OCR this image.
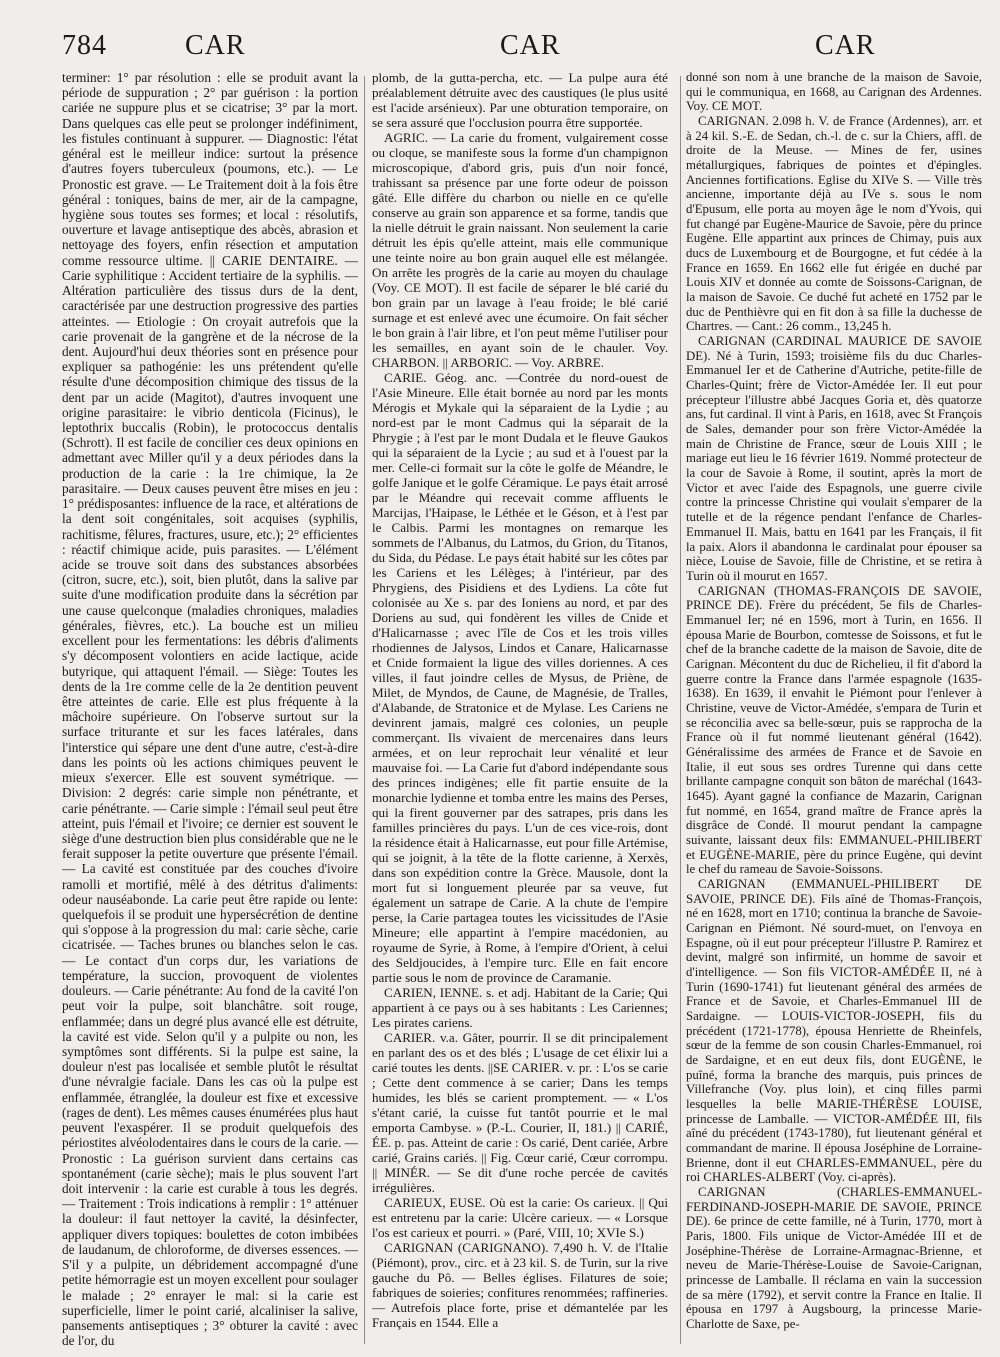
784	CAR	CAR	CAR

terminer: 1° par résolution : elle se produit avant la période de suppuration ; 2° par guérison : la portion cariée ne suppure plus et se cicatrise; 3° par la mort. Dans quelques cas elle peut se prolonger indéfiniment, les fistules continuant à suppurer. — Diagnostic: l'état général est le meilleur indice: surtout la présence d'autres foyers tuberculeux (poumons, etc.). — Le Pronostic est grave. — Le Traitement doit à la fois être général : toniques, bains de mer, air de la campagne, hygiène sous toutes ses formes; et local : résolutifs, ouverture et lavage antiseptique des abcès, abrasion et nettoyage des foyers, enfin résection et amputation comme ressource ultime. || CARIE DENTAIRE. — Carie syphilitique : Accident tertiaire de la syphilis. — Altération particulière des tissus durs de la dent, caractérisée par une destruction progressive des parties atteintes. — Etiologie : On croyait autrefois que la carie provenait de la gangrène et de la nécrose de la dent. Aujourd'hui deux théories sont en présence pour expliquer sa pathogénie: les uns prétendent qu'elle résulte d'une décomposition chimique des tissus de la dent par un acide (Magitot), d'autres invoquent une origine parasitaire: le vibrio denticola (Ficinus), le leptothrix buccalis (Robin), le protococcus dentalis (Schrott). Il est facile de concilier ces deux opinions en admettant avec Miller qu'il y a deux périodes dans la production de la carie : la 1re chimique, la 2e parasitaire. — Deux causes peuvent être mises en jeu : 1° prédisposantes: influence de la race, et altérations de la dent soit congénitales, soit acquises (syphilis, rachitisme, fêlures, fractures, usure, etc.); 2° efficientes : réactif chimique acide, puis parasites. — L'élément acide se trouve soit dans des substances absorbées (citron, sucre, etc.), soit, bien plutôt, dans la salive par suite d'une modification produite dans la sécrétion par une cause quelconque (maladies chroniques, maladies générales, fièvres, etc.). La bouche est un milieu excellent pour les fermentations: les débris d'aliments s'y décomposent volontiers en acide lactique, acide butyrique, qui attaquent l'émail. — Siège: Toutes les dents de la 1re comme celle de la 2e dentition peuvent être atteintes de carie. Elle est plus fréquente à la mâchoire supérieure. On l'observe surtout sur la surface triturante et sur les faces latérales, dans l'interstice qui sépare une dent d'une autre, c'est-à-dire dans les points où les actions chimiques peuvent le mieux s'exercer. Elle est souvent symétrique. — Division: 2 degrés: carie simple non pénétrante, et carie pénétrante. — Carie simple : l'émail seul peut être atteint, puis l'émail et l'ivoire; ce dernier est souvent le siège d'une destruction bien plus considérable que ne le ferait supposer la petite ouverture que présente l'émail. — La cavité est constituée par des couches d'ivoire ramolli et mortifié, mêlé à des détritus d'aliments: odeur nauséabonde. La carie peut être rapide ou lente: quelquefois il se produit une hypersécrétion de dentine qui s'oppose à la progression du mal: carie sèche, carie cicatrisée. — Taches brunes ou blanches selon le cas. — Le contact d'un corps dur, les variations de température, la succion, provoquent de violentes douleurs. — Carie pénétrante: Au fond de la cavité l'on peut voir la pulpe, soit blanchâtre. soit rouge, enflammée; dans un degré plus avancé elle est détruite, la cavité est vide. Selon qu'il y a pulpite ou non, les symptômes sont différents. Si la pulpe est saine, la douleur n'est pas localisée et semble plutôt le résultat d'une névralgie faciale. Dans les cas où la pulpe est enflammée, étranglée, la douleur est fixe et excessive (rages de dent). Les mêmes causes énumérées plus haut peuvent l'exaspérer. Il se produit quelquefois des périostites alvéolodentaires dans le cours de la carie. — Pronostic : La guérison survient dans certains cas spontanément (carie sèche); mais le plus souvent l'art doit intervenir : la carie est curable à tous les degrés. — Traitement : Trois indications à remplir : 1° atténuer la douleur: il faut nettoyer la cavité, la désinfecter, appliquer divers topiques: boulettes de coton imbibées de laudanum, de chloroforme, de diverses essences. — S'il y a pulpite, un débridement accompagné d'une petite hémorragie est un moyen excellent pour soulager le malade ; 2° enrayer le mal: si la carie est superficielle, limer le point carié, alcaliniser la salive, pansements antiseptiques ; 3° obturer la cavité : avec de l'or, du

plomb, de la gutta-percha, etc. — La pulpe aura été préalablement détruite avec des caustiques (le plus usité est l'acide arsénieux). Par une obturation temporaire, on se sera assuré que l'occlusion pourra être supportée.

AGRIC. — La carie du froment, vulgairement cosse ou cloque, se manifeste sous la forme d'un champignon microscopique, d'abord gris, puis d'un noir foncé, trahissant sa présence par une forte odeur de poisson gâté. Elle diffère du charbon ou nielle en ce qu'elle conserve au grain son apparence et sa forme, tandis que la nielle détruit le grain naissant. Non seulement la carie détruit les épis qu'elle atteint, mais elle communique une teinte noire au bon grain auquel elle est mélangée. On arrête les progrès de la carie au moyen du chaulage (Voy. CE MOT). Il est facile de séparer le blé carié du bon grain par un lavage à l'eau froide; le blé carié surnage et est enlevé avec une écumoire. On fait sécher le bon grain à l'air libre, et l'on peut même l'utiliser pour les semailles, en ayant soin de le chauler. Voy. CHARBON. || ARBORIC. — Voy. ARBRE.

CARIE. Géog. anc. —Contrée du nord-ouest de l'Asie Mineure. Elle était bornée au nord par les monts Mérogis et Mykale qui la séparaient de la Lydie ; au nord-est par le mont Cadmus qui la séparait de la Phrygie ; à l'est par le mont Dudala et le fleuve Gaukos qui la séparaient de la Lycie ; au sud et à l'ouest par la mer. Celle-ci formait sur la côte le golfe de Méandre, le golfe Janique et le golfe Céramique. Le pays était arrosé par le Méandre qui recevait comme affluents le Marcijas, l'Haipase, le Léthée et le Géson, et à l'est par le Calbis. Parmi les montagnes on remarque les sommets de l'Albanus, du Latmos, du Grion, du Titanos, du Sida, du Pédase. Le pays était habité sur les côtes par les Cariens et les Lélèges; à l'intérieur, par des Phrygiens, des Pisidiens et des Lydiens. La côte fut colonisée au Xe s. par des Ioniens au nord, et par des Doriens au sud, qui fondèrent les villes de Cnide et d'Halicarnasse ; avec l'île de Cos et les trois villes rhodiennes de Jalysos, Lindos et Canare, Halicarnasse et Cnide formaient la ligue des villes doriennes. A ces villes, il faut joindre celles de Mysus, de Priène, de Milet, de Myndos, de Caune, de Magnésie, de Tralles, d'Alabande, de Stratonice et de Mylase. Les Cariens ne devinrent jamais, malgré ces colonies, un peuple commerçant. Ils vivaient de mercenaires dans leurs armées, et on leur reprochait leur vénalité et leur mauvaise foi. — La Carie fut d'abord indépendante sous des princes indigènes; elle fit partie ensuite de la monarchie lydienne et tomba entre les mains des Perses, qui la firent gouverner par des satrapes, pris dans les familles princières du pays. L'un de ces vice-rois, dont la résidence était à Halicarnasse, eut pour fille Artémise, qui se joignit, à la tête de la flotte carienne, à Xerxès, dans son expédition contre la Grèce. Mausole, dont la mort fut si longuement pleurée par sa veuve, fut également un satrape de Carie. A la chute de l'empire perse, la Carie partagea toutes les vicissitudes de l'Asie Mineure; elle appartint à l'empire macédonien, au royaume de Syrie, à Rome, à l'empire d'Orient, à celui des Seldjoucides, à l'empire turc. Elle en fait encore partie sous le nom de province de Caramanie.

CARIEN, IENNE. s. et adj. Habitant de la Carie; Qui appartient à ce pays ou à ses habitants : Les Cariennes; Les pirates cariens.

CARIER. v.a. Gâter, pourrir. Il se dit principalement en parlant des os et des blés ; L'usage de cet élixir lui a carié toutes les dents. ||SE CARIER. v. pr. : L'os se carie ; Cette dent commence à se carier; Dans les temps humides, les blés se carient promptement. — « L'os s'étant carié, la cuisse fut tantôt pourrie et le mal emporta Cambyse. » (P.-L. Courier, II, 181.) || CARIÉ, ÉE. p. pas. Atteint de carie : Os carié, Dent cariée, Arbre carié, Grains cariés. || Fig. Cœur carié, Cœur corrompu. || MINÉR. — Se dit d'une roche percée de cavités irrégulières.

CARIEUX, EUSE. Où est la carie: Os carieux. || Qui est entretenu par la carie: Ulcère carieux. — « Lorsque l'os est carieux et pourri. » (Paré, VIII, 10; XVIe S.)

CARIGNAN (CARIGNANO). 7,490 h. V. de l'Italie (Piémont), prov., circ. et à 23 kil. S. de Turin, sur la rive gauche du Pô. — Belles églises. Filatures de soie; fabriques de soieries; confitures renommées; raffineries. — Autrefois place forte, prise et démantelée par les Français en 1544. Elle a

donné son nom à une branche de la maison de Savoie, qui le communiqua, en 1668, au Carignan des Ardennes. Voy. CE MOT.

CARIGNAN. 2.098 h. V. de France (Ardennes), arr. et à 24 kil. S.-E. de Sedan, ch.-l. de c. sur la Chiers, affl. de droite de la Meuse. — Mines de fer, usines métallurgiques, fabriques de pointes et d'épingles. Anciennes fortifications. Eglise du XIVe S. — Ville très ancienne, importante déjà au IVe s. sous le nom d'Epusum, elle porta au moyen âge le nom d'Yvois, qui fut changé par Eugène-Maurice de Savoie, père du prince Eugène. Elle appartint aux princes de Chimay, puis aux ducs de Luxembourg et de Bourgogne, et fut cédée à la France en 1659. En 1662 elle fut érigée en duché par Louis XIV et donnée au comte de Soissons-Carignan, de la maison de Savoie. Ce duché fut acheté en 1752 par le duc de Penthièvre qui en fit don à sa fille la duchesse de Chartres. — Cant.: 26 comm., 13,245 h.

CARIGNAN (CARDINAL MAURICE DE SAVOIE DE). Né à Turin, 1593; troisième fils du duc Charles-Emmanuel Ier et de Catherine d'Autriche, petite-fille de Charles-Quint; frère de Victor-Amédée Ier. Il eut pour précepteur l'illustre abbé Jacques Goria et, dès quatorze ans, fut cardinal. Il vint à Paris, en 1618, avec St François de Sales, demander pour son frère Victor-Amédée la main de Christine de France, sœur de Louis XIII ; le mariage eut lieu le 16 février 1619. Nommé protecteur de la cour de Savoie à Rome, il soutint, après la mort de Victor et avec l'aide des Espagnols, une guerre civile contre la princesse Christine qui voulait s'emparer de la tutelle et de la régence pendant l'enfance de Charles-Emmanuel II. Mais, battu en 1641 par les Français, il fit la paix. Alors il abandonna le cardinalat pour épouser sa nièce, Louise de Savoie, fille de Christine, et se retira à Turin où il mourut en 1657.

CARIGNAN (THOMAS-FRANÇOIS DE SAVOIE, PRINCE DE). Frère du précédent, 5e fils de Charles-Emmanuel Ier; né en 1596, mort à Turin, en 1656. Il épousa Marie de Bourbon, comtesse de Soissons, et fut le chef de la branche cadette de la maison de Savoie, dite de Carignan. Mécontent du duc de Richelieu, il fit d'abord la guerre contre la France dans l'armée espagnole (1635-1638). En 1639, il envahit le Piémont pour l'enlever à Christine, veuve de Victor-Amédée, s'empara de Turin et se réconcilia avec sa belle-sœur, puis se rapprocha de la France où il fut nommé lieutenant général (1642). Généralissime des armées de France et de Savoie en Italie, il eut sous ses ordres Turenne qui dans cette brillante campagne conquit son bâton de maréchal (1643-1645). Ayant gagné la confiance de Mazarin, Carignan fut nommé, en 1654, grand maître de France après la disgrâce de Condé. Il mourut pendant la campagne suivante, laissant deux fils: EMMANUEL-PHILIBERT et EUGÈNE-MARIE, père du prince Eugène, qui devint le chef du rameau de Savoie-Soissons.

CARIGNAN (EMMANUEL-PHILIBERT DE SAVOIE, PRINCE DE). Fils aîné de Thomas-François, né en 1628, mort en 1710; continua la branche de Savoie-Carignan en Piémont. Né sourd-muet, on l'envoya en Espagne, où il eut pour précepteur l'illustre P. Ramirez et devint, malgré son infirmité, un homme de savoir et d'intelligence. — Son fils VICTOR-AMÉDÉE II, né à Turin (1690-1741) fut lieutenant général des armées de France et de Savoie, et Charles-Emmanuel III de Sardaigne. — LOUIS-VICTOR-JOSEPH, fils du précédent (1721-1778), épousa Henriette de Rheinfels, sœur de la femme de son cousin Charles-Emmanuel, roi de Sardaigne, et en eut deux fils, dont EUGÈNE, le puîné, forma la branche des marquis, puis princes de Villefranche (Voy. plus loin), et cinq filles parmi lesquelles la belle MARIE-THÉRÈSE LOUISE, princesse de Lamballe. — VICTOR-AMÉDÉE III, fils aîné du précédent (1743-1780), fut lieutenant général et commandant de marine. Il épousa Joséphine de Lorraine-Brienne, dont il eut CHARLES-EMMANUEL, père du roi CHARLES-ALBERT (Voy. ci-après).

CARIGNAN (CHARLES-EMMANUEL-FERDINAND-JOSEPH-MARIE DE SAVOIE, PRINCE DE). 6e prince de cette famille, né à Turin, 1770, mort à Paris, 1800. Fils unique de Victor-Amédée III et de Joséphine-Thérèse de Lorraine-Armagnac-Brienne, et neveu de Marie-Thérèse-Louise de Savoie-Carignan, princesse de Lamballe. Il réclama en vain la succession de sa mère (1792), et servit contre la France en Italie. Il épousa en 1797 à Augsbourg, la princesse Marie-Charlotte de Saxe, pe-
